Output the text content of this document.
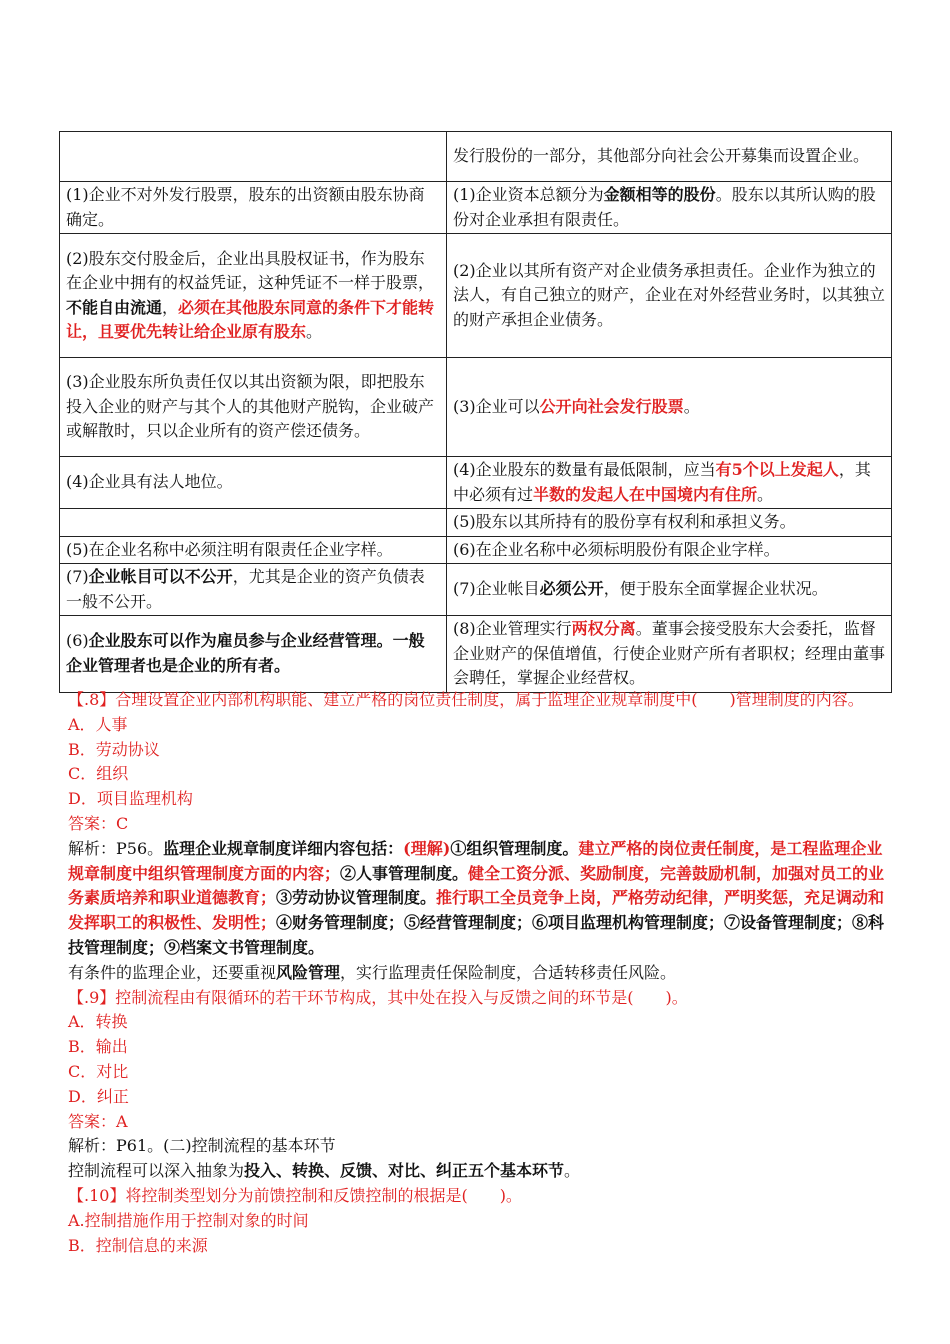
	发行股份的一部分，其他部分向社会公开募集而设置企业。
(1)企业不对外发行股票，股东的出资额由股东协商确定。	(1)企业资本总额分为金额相等的股份。股东以其所认购的股份对企业承担有限责任。
(2)股东交付股金后，企业出具股权证书，作为股东在企业中拥有的权益凭证，这种凭证不一样于股票，不能自由流通，必须在其他股东同意的条件下才能转让，且要优先转让给企业原有股东。	(2)企业以其所有资产对企业债务承担责任。企业作为独立的法人，有自己独立的财产，企业在对外经营业务时，以其独立的财产承担企业债务。
(3)企业股东所负责任仅以其出资额为限，即把股东投入企业的财产与其个人的其他财产脱钩，企业破产或解散时，只以企业所有的资产偿还债务。	(3)企业可以公开向社会发行股票。
(4)企业具有法人地位。	(4)企业股东的数量有最低限制，应当有5个以上发起人，其中必须有过半数的发起人在中国境内有住所。
	(5)股东以其所持有的股份享有权利和承担义务。
(5)在企业名称中必须注明有限责任企业字样。	(6)在企业名称中必须标明股份有限企业字样。
(7)企业帐目可以不公开，尤其是企业的资产负债表一般不公开。	(7)企业帐目必须公开，便于股东全面掌握企业状况。
(6)企业股东可以作为雇员参与企业经营管理。一般企业管理者也是企业的所有者。	(8)企业管理实行两权分离。董事会接受股东大会委托，监督企业财产的保值增值，行使企业财产所有者职权；经理由董事会聘任，掌握企业经营权。

【.8】合理设置企业内部机构职能、建立严格的岗位责任制度，属于监理企业规章制度中(　　)管理制度的内容。

A．人事

B．劳动协议

C．组织

D．项目监理机构

答案：C

解析：P56。监理企业规章制度详细内容包括：(理解)①组织管理制度。建立严格的岗位责任制度，是工程监理企业规章制度中组织管理制度方面的内容；②人事管理制度。健全工资分派、奖励制度，完善鼓励机制，加强对员工的业务素质培养和职业道德教育；③劳动协议管理制度。推行职工全员竞争上岗，严格劳动纪律，严明奖惩，充足调动和发挥职工的积极性、发明性；④财务管理制度；⑤经营管理制度；⑥项目监理机构管理制度；⑦设备管理制度；⑧科技管理制度；⑨档案文书管理制度。

有条件的监理企业，还要重视风险管理，实行监理责任保险制度，合适转移责任风险。

【.9】控制流程由有限循环的若干环节构成，其中处在投入与反馈之间的环节是(　　)。

A．转换

B．输出

C．对比

D．纠正

答案：A

解析：P61。(二)控制流程的基本环节

控制流程可以深入抽象为投入、转换、反馈、对比、纠正五个基本环节。

【.10】将控制类型划分为前馈控制和反馈控制的根据是(　　)。

A.控制措施作用于控制对象的时间

B．控制信息的来源
